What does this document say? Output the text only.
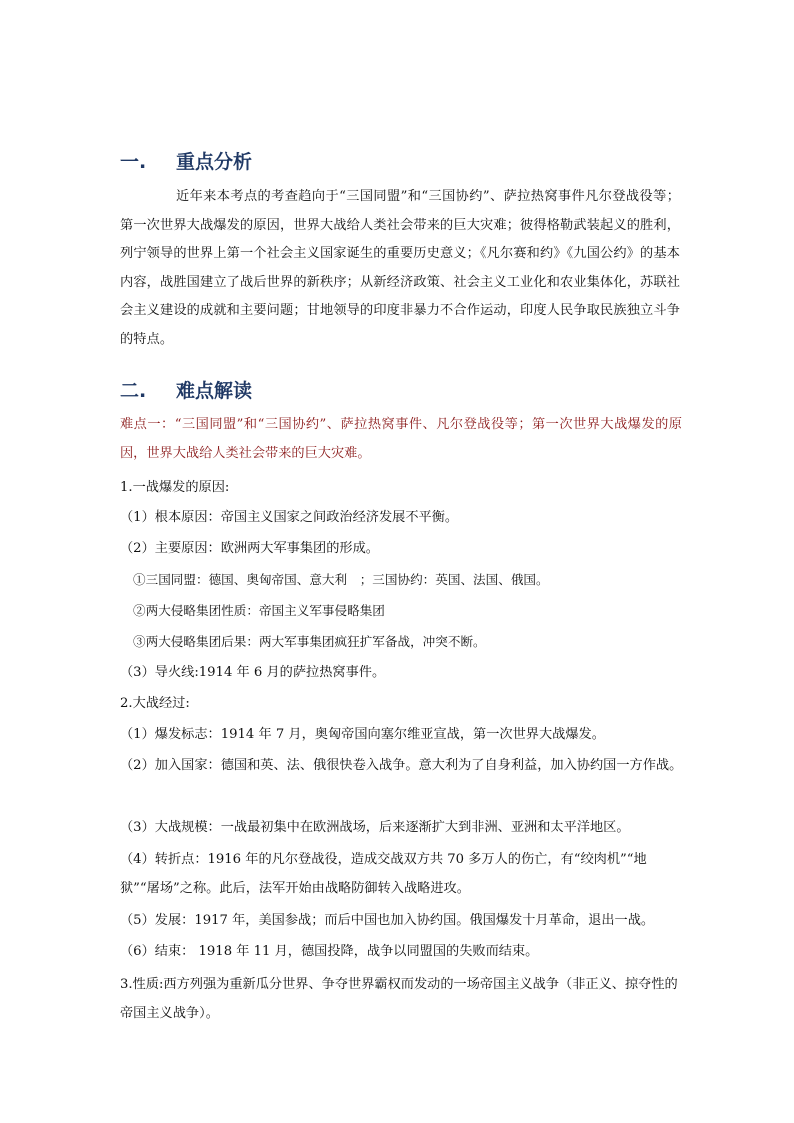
一. 重点分析
近年来本考点的考查趋向于“三国同盟”和“三国协约”、萨拉热窝事件凡尔登战役等；第一次世界大战爆发的原因，世界大战给人类社会带来的巨大灾难；彼得格勒武装起义的胜利，列宁领导的世界上第一个社会主义国家诞生的重要历史意义；《凡尔赛和约》《九国公约》的基本内容，战胜国建立了战后世界的新秩序；从新经济政策、社会主义工业化和农业集体化，苏联社会主义建设的成就和主要问题；甘地领导的印度非暴力不合作运动，印度人民争取民族独立斗争的特点。
二. 难点解读
难点一：“三国同盟”和“三国协约”、萨拉热窝事件、凡尔登战役等；第一次世界大战爆发的原因，世界大战给人类社会带来的巨大灾难。
1.一战爆发的原因:
（1）根本原因：帝国主义国家之间政治经济发展不平衡。
（2）主要原因：欧洲两大军事集团的形成。
①三国同盟：德国、奥匈帝国、意大利　；三国协约：英国、法国、俄国。
②两大侵略集团性质：帝国主义军事侵略集团
③两大侵略集团后果：两大军事集团疯狂扩军备战，冲突不断。
（3）导火线:1914 年 6 月的萨拉热窝事件。
2.大战经过:
（1）爆发标志：1914 年 7 月，奥匈帝国向塞尔维亚宣战，第一次世界大战爆发。
（2）加入国家：德国和英、法、俄很快卷入战争。意大利为了自身利益，加入协约国一方作战。
（3）大战规模：一战最初集中在欧洲战场，后来逐渐扩大到非洲、亚洲和太平洋地区。
（4）转折点：1916 年的凡尔登战役，造成交战双方共 70 多万人的伤亡，有“绞肉机”“地狱”“屠场”之称。此后，法军开始由战略防御转入战略进攻。
（5）发展：1917 年，美国参战；而后中国也加入协约国。俄国爆发十月革命，退出一战。
（6）结束： 1918 年 11 月，德国投降，战争以同盟国的失败而结束。
3.性质:西方列强为重新瓜分世界、争夺世界霸权而发动的一场帝国主义战争（非正义、掠夺性的帝国主义战争）。
